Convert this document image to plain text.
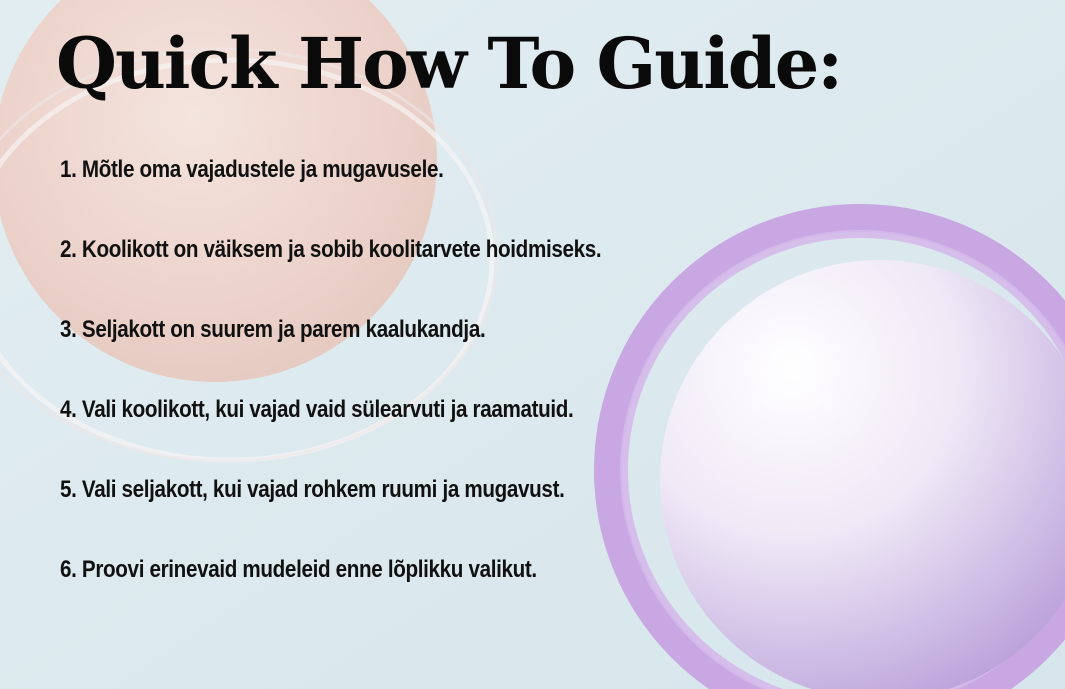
Quick How To Guide:
1. Mõtle oma vajadustele ja mugavusele.
2. Koolikott on väiksem ja sobib koolitarvete hoidmiseks.
3. Seljakott on suurem ja parem kaalukandja.
4. Vali koolikott, kui vajad vaid sülearvuti ja raamatuid.
5. Vali seljakott, kui vajad rohkem ruumi ja mugavust.
6. Proovi erinevaid mudeleid enne lõplikku valikut.
